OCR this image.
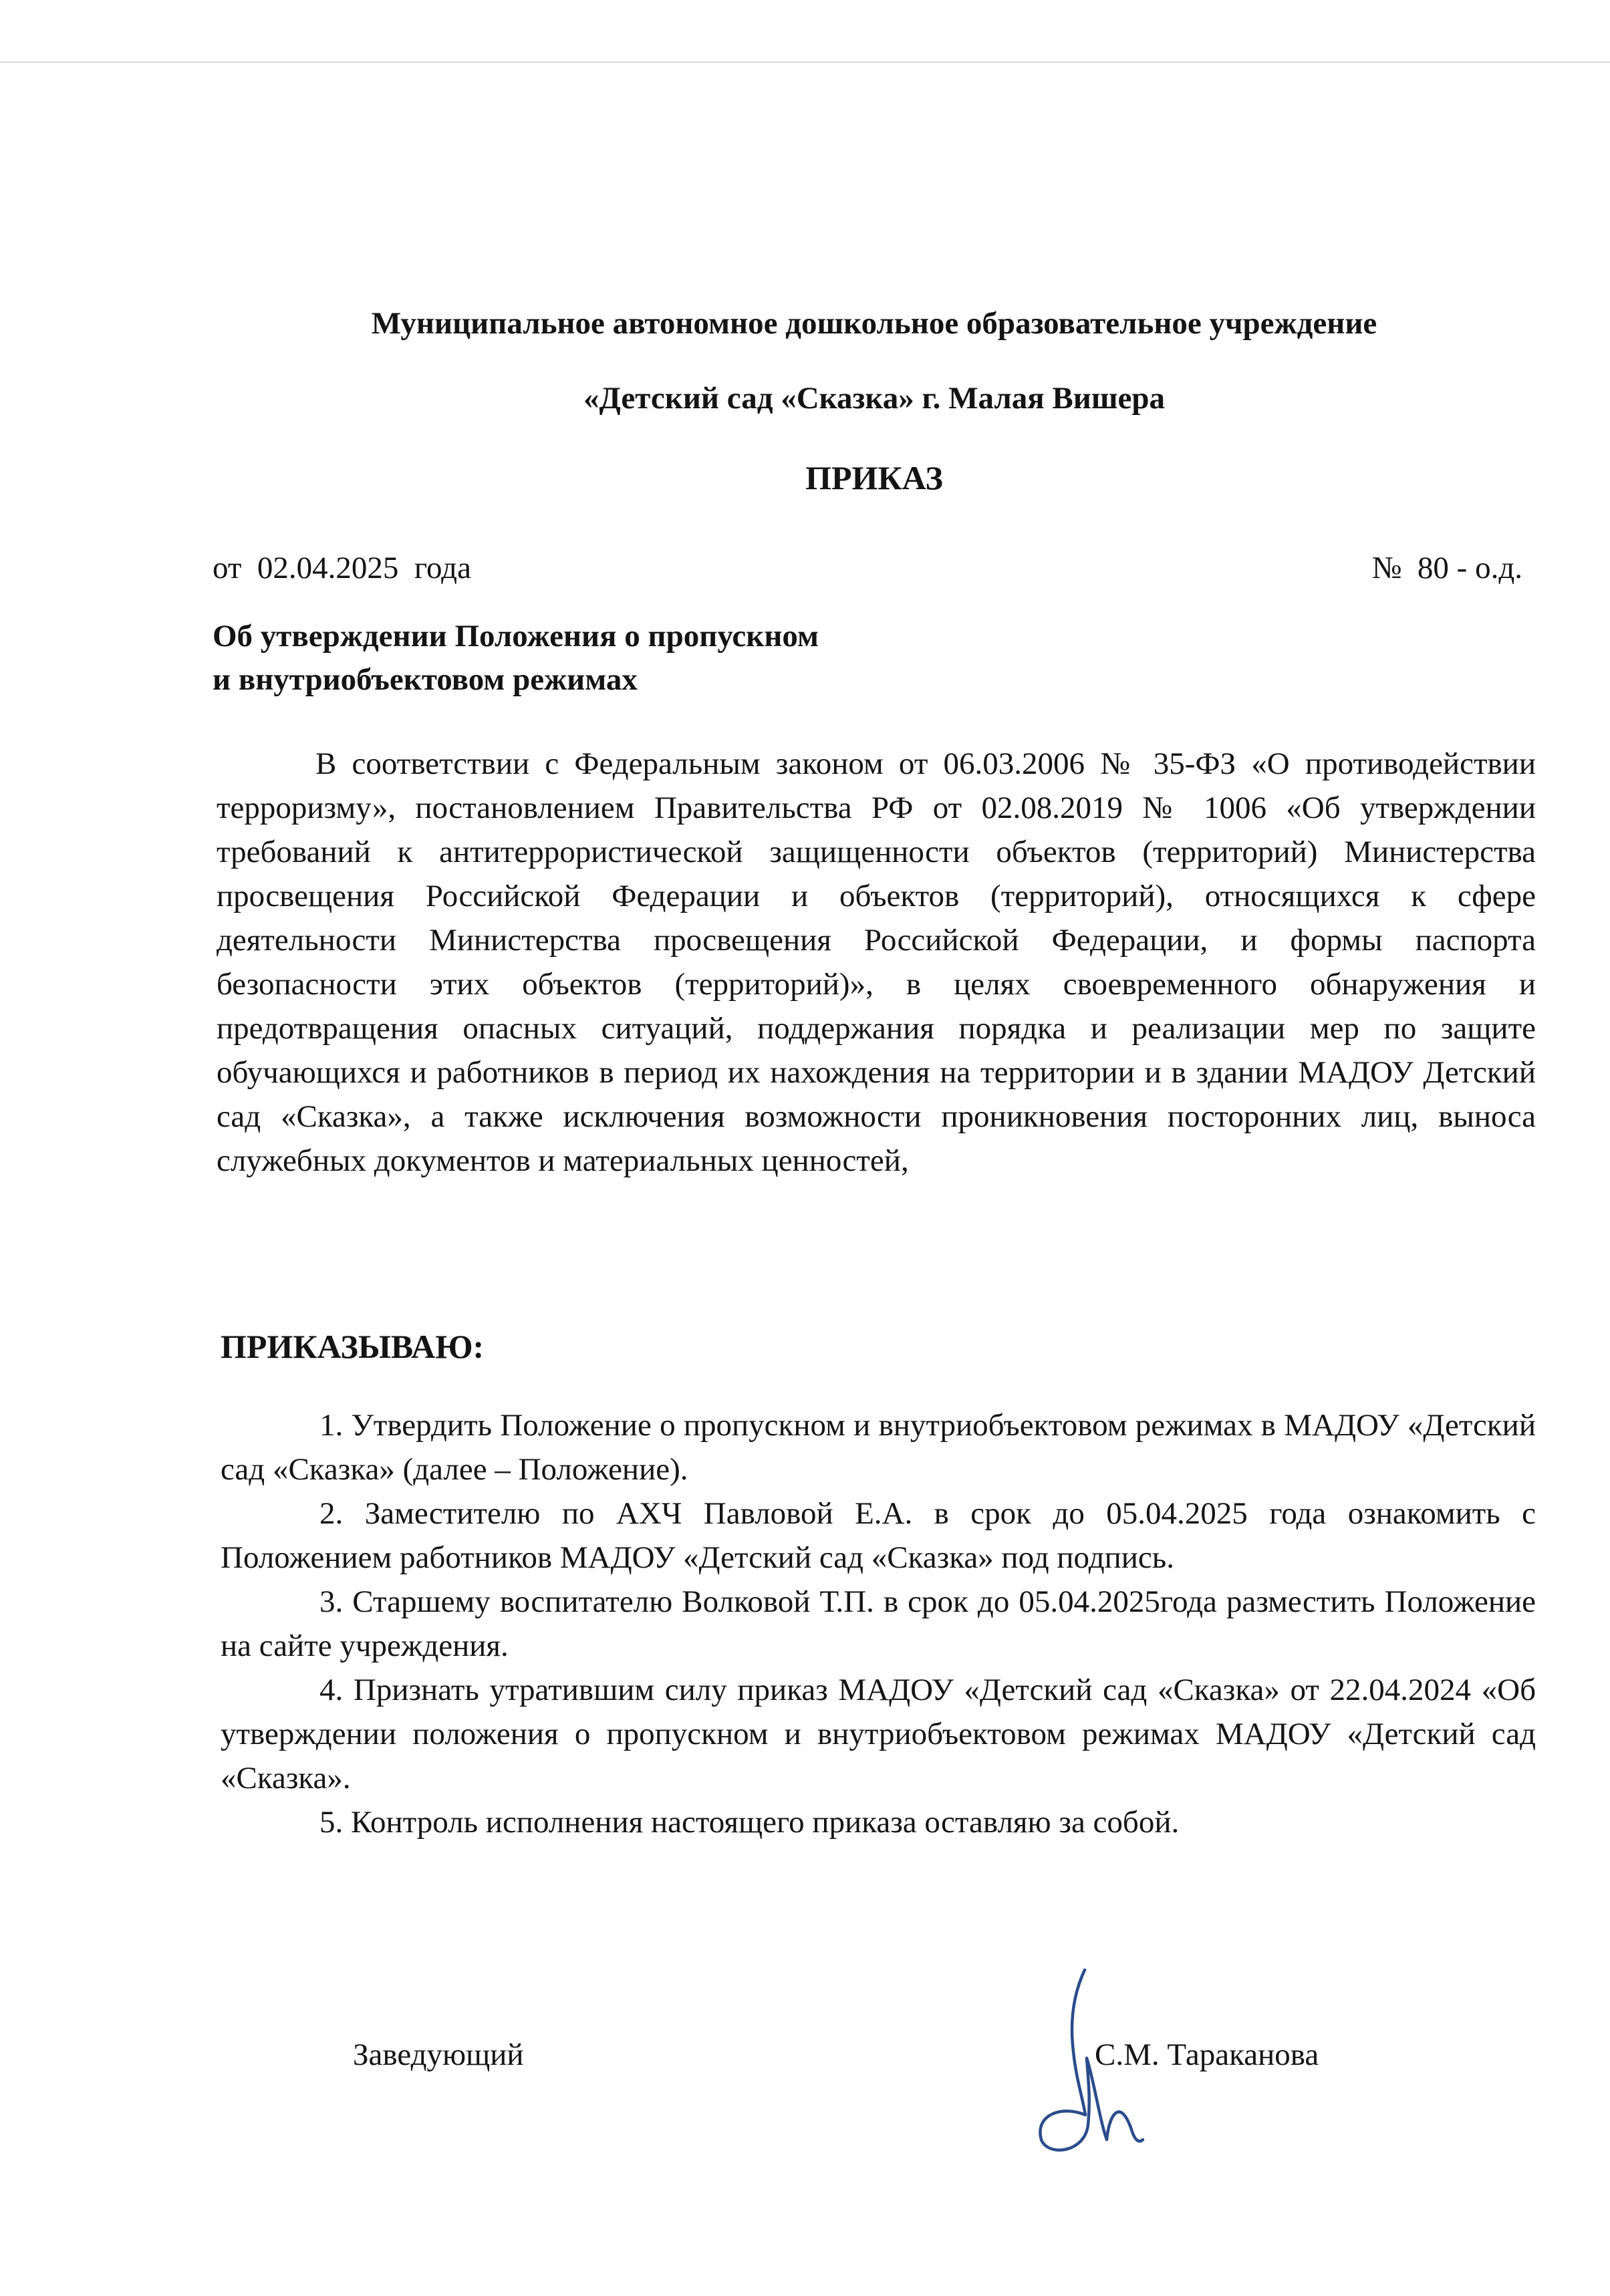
Муниципальное автономное дошкольное образовательное учреждение
«Детский сад «Сказка» г. Малая Вишера
ПРИКАЗ
от  02.04.2025  года	№  80 - о.д.
Об утверждении Положения о пропускном
и внутриобъектовом режимах

В соответствии с Федеральным законом от 06.03.2006 № 35-ФЗ «О противодействии терроризму», постановлением Правительства РФ от 02.08.2019 № 1006 «Об утверждении требований к антитеррористической защищенности объектов (территорий) Министерства просвещения Российской Федерации и объектов (территорий), относящихся к сфере деятельности Министерства просвещения Российской Федерации, и формы паспорта безопасности этих объектов (территорий)», в целях своевременного обнаружения и предотвращения опасных ситуаций, поддержания порядка и реализации мер по защите обучающихся и работников в период их нахождения на территории и в здании МАДОУ Детский сад «Сказка», а также исключения возможности проникновения посторонних лиц, выноса служебных документов и материальных ценностей,

ПРИКАЗЫВАЮ:

1. Утвердить Положение о пропускном и внутриобъектовом режимах в МАДОУ «Детский сад «Сказка» (далее – Положение).

2. Заместителю по АХЧ Павловой Е.А. в срок до 05.04.2025 года ознакомить с Положением работников МАДОУ «Детский сад «Сказка» под подпись.

3. Старшему воспитателю Волковой Т.П. в срок до 05.04.2025года разместить Положение на сайте учреждения.

4. Признать утратившим силу приказ МАДОУ «Детский сад «Сказка» от 22.04.2024 «Об утверждении положения о пропускном и внутриобъектовом режимах МАДОУ «Детский сад «Сказка».

5. Контроль исполнения настоящего приказа оставляю за собой.

Заведующий	С.М. Тараканова
